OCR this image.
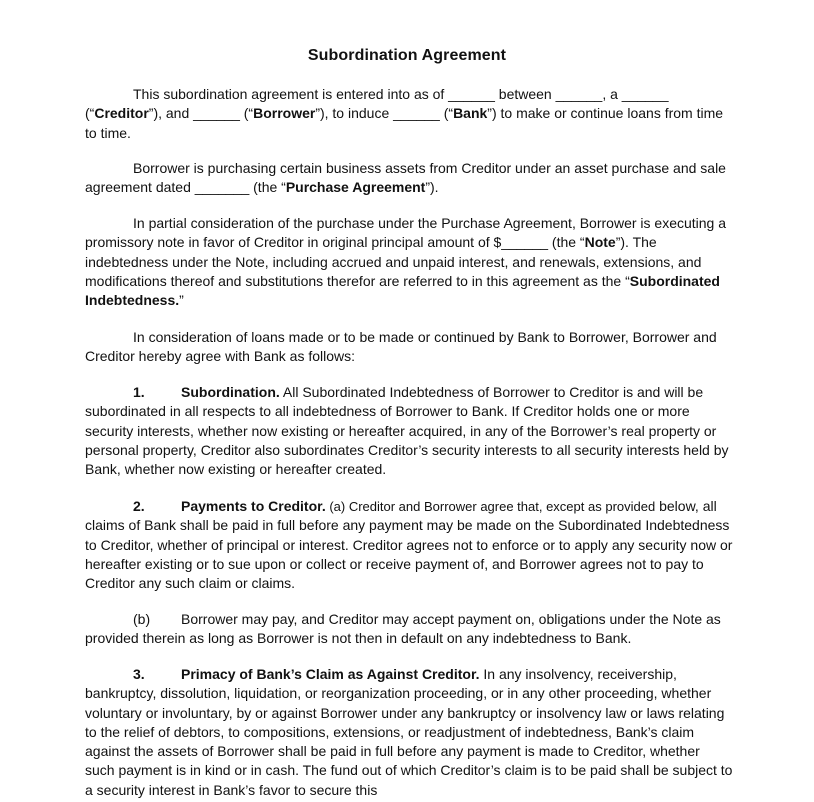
Subordination Agreement

This subordination agreement is entered into as of ______ between ______, a ______ (“Creditor”), and ______ (“Borrower”), to induce ______ (“Bank”) to make or continue loans from time to time.

Borrower is purchasing certain business assets from Creditor under an asset purchase and sale agreement dated _______ (the “Purchase Agreement”).

In partial consideration of the purchase under the Purchase Agreement, Borrower is executing a promissory note in favor of Creditor in original principal amount of $______ (the “Note”). The indebtedness under the Note, including accrued and unpaid interest, and renewals, extensions, and modifications thereof and substitutions therefor are referred to in this agreement as the “Subordinated Indebtedness.”

In consideration of loans made or to be made or continued by Bank to Borrower, Borrower and Creditor hereby agree with Bank as follows:

1.	Subordination. All Subordinated Indebtedness of Borrower to Creditor is and will be subordinated in all respects to all indebtedness of Borrower to Bank. If Creditor holds one or more security interests, whether now existing or hereafter acquired, in any of the Borrower’s real property or personal property, Creditor also subordinates Creditor’s security interests to all security interests held by Bank, whether now existing or hereafter created.

2.	Payments to Creditor. (a) Creditor and Borrower agree that, except as provided below, all claims of Bank shall be paid in full before any payment may be made on the Subordinated Indebtedness to Creditor, whether of principal or interest. Creditor agrees not to enforce or to apply any security now or hereafter existing or to sue upon or collect or receive payment of, and Borrower agrees not to pay to Creditor any such claim or claims.

(b) Borrower may pay, and Creditor may accept payment on, obligations under the Note as provided therein as long as Borrower is not then in default on any indebtedness to Bank.

3.	Primacy of Bank’s Claim as Against Creditor. In any insolvency, receivership, bankruptcy, dissolution, liquidation, or reorganization proceeding, or in any other proceeding, whether voluntary or involuntary, by or against Borrower under any bankruptcy or insolvency law or laws relating to the relief of debtors, to compositions, extensions, or readjustment of indebtedness, Bank’s claim against the assets of Borrower shall be paid in full before any payment is made to Creditor, whether such payment is in kind or in cash. The fund out of which Creditor’s claim is to be paid shall be subject to a security interest in Bank’s favor to secure this
